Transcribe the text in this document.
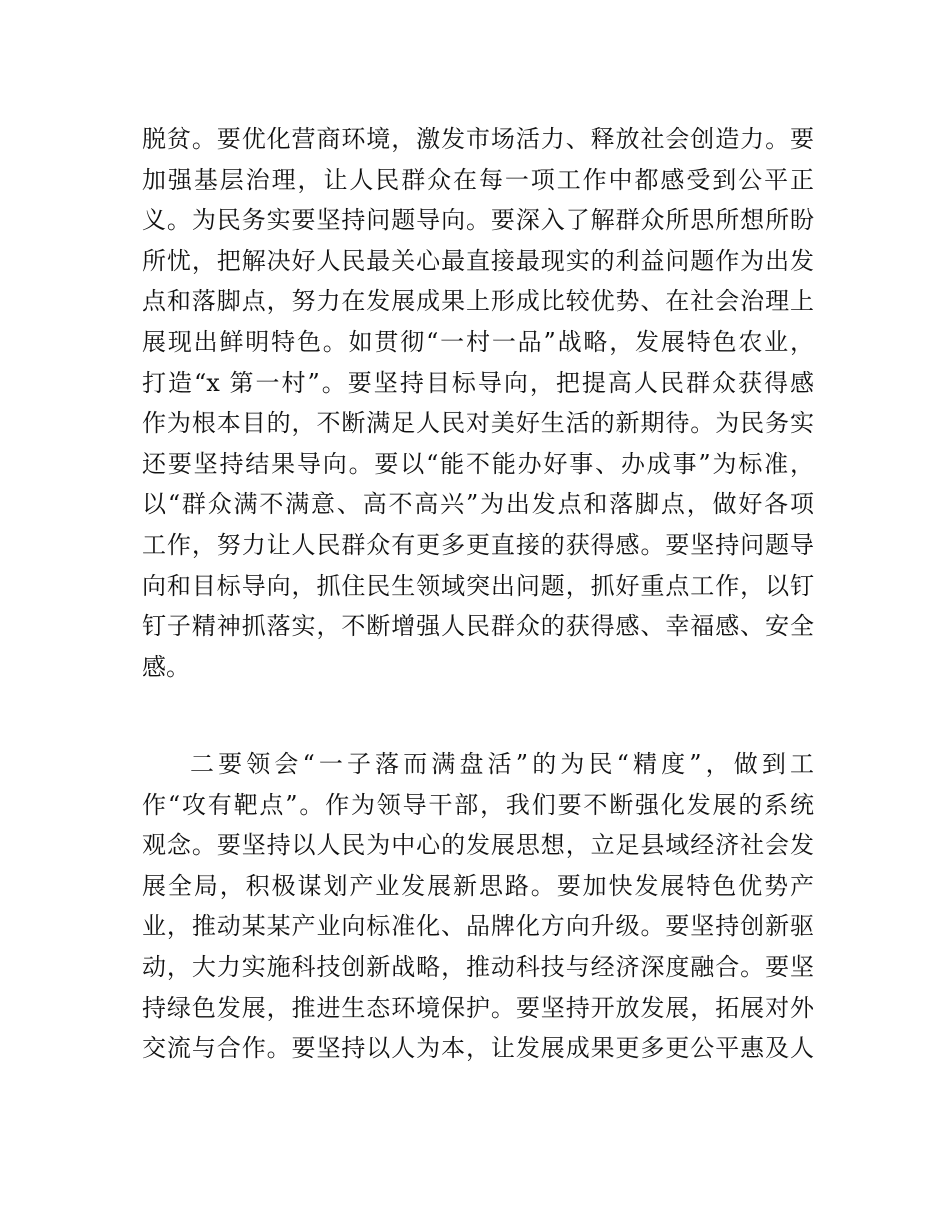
脱贫。要优化营商环境，激发市场活力、释放社会创造力。要
加强基层治理，让人民群众在每一项工作中都感受到公平正
义。为民务实要坚持问题导向。要深入了解群众所思所想所盼
所忧，把解决好人民最关心最直接最现实的利益问题作为出发
点和落脚点，努力在发展成果上形成比较优势、在社会治理上
展现出鲜明特色。如贯彻“一村一品”战略，发展特色农业，
打造“x 第一村”。要坚持目标导向，把提高人民群众获得感
作为根本目的，不断满足人民对美好生活的新期待。为民务实
还要坚持结果导向。要以“能不能办好事、办成事”为标准，
以“群众满不满意、高不高兴”为出发点和落脚点，做好各项
工作，努力让人民群众有更多更直接的获得感。要坚持问题导
向和目标导向，抓住民生领域突出问题，抓好重点工作，以钉
钉子精神抓落实，不断增强人民群众的获得感、幸福感、安全
感。
二要领会“一子落而满盘活”的为民“精度”，做到工
作“攻有靶点”。作为领导干部，我们要不断强化发展的系统
观念。要坚持以人民为中心的发展思想，立足县域经济社会发
展全局，积极谋划产业发展新思路。要加快发展特色优势产
业，推动某某产业向标准化、品牌化方向升级。要坚持创新驱
动，大力实施科技创新战略，推动科技与经济深度融合。要坚
持绿色发展，推进生态环境保护。要坚持开放发展，拓展对外
交流与合作。要坚持以人为本，让发展成果更多更公平惠及人
